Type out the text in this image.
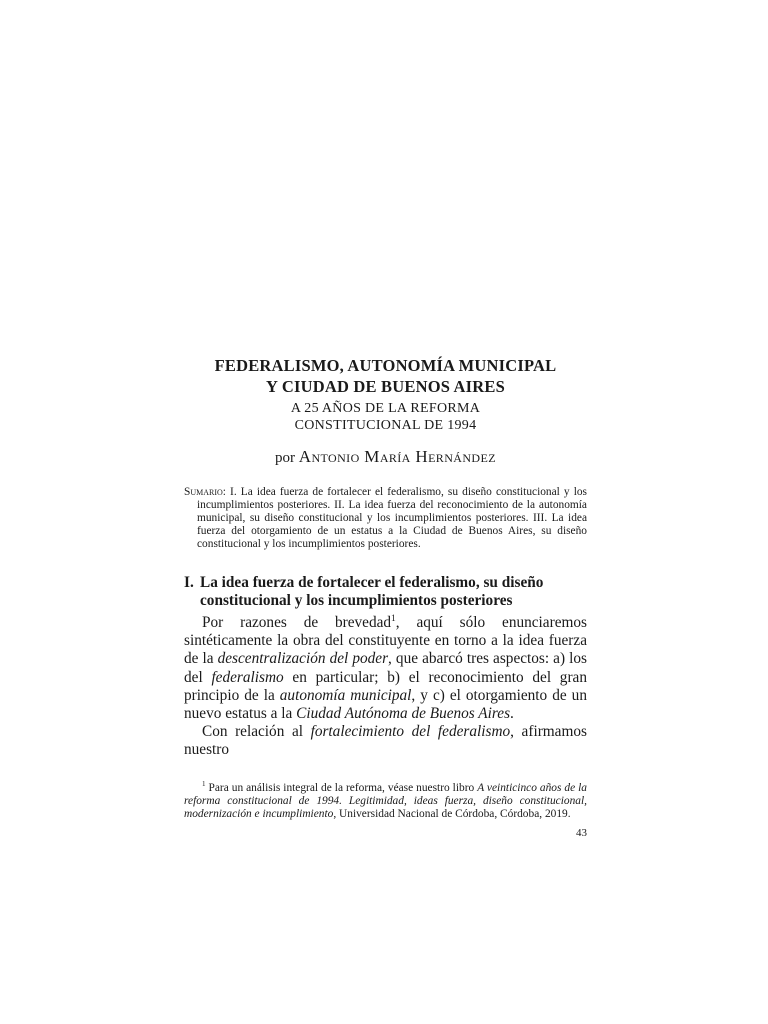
FEDERALISMO, AUTONOMÍA MUNICIPAL
Y CIUDAD DE BUENOS AIRES
A 25 AÑOS DE LA REFORMA
CONSTITUCIONAL DE 1994
por Antonio María Hernández
Sumario: I. La idea fuerza de fortalecer el federalismo, su diseño constitucional y los incumplimientos posteriores. II. La idea fuerza del reconocimiento de la autonomía municipal, su diseño constitucional y los incumplimientos posteriores. III. La idea fuerza del otorgamiento de un estatus a la Ciudad de Buenos Aires, su diseño constitucional y los incumplimientos posteriores.
I. La idea fuerza de fortalecer el federalismo, su diseño constitucional y los incumplimientos posteriores

Por razones de brevedad$^1$, aquí sólo enunciaremos sintéticamente la obra del constituyente en torno a la idea fuerza de la descentralización del poder, que abarcó tres aspectos: a) los del federalismo en particular; b) el reconocimiento del gran principio de la autonomía municipal, y c) el otorgamiento de un nuevo estatus a la Ciudad Autónoma de Buenos Aires.

Con relación al fortalecimiento del federalismo, afirmamos nuestro

$^1$ Para un análisis integral de la reforma, véase nuestro libro A veinticinco años de la reforma constitucional de 1994. Legitimidad, ideas fuerza, diseño constitucional, modernización e incumplimiento, Universidad Nacional de Córdoba, Córdoba, 2019.
43
